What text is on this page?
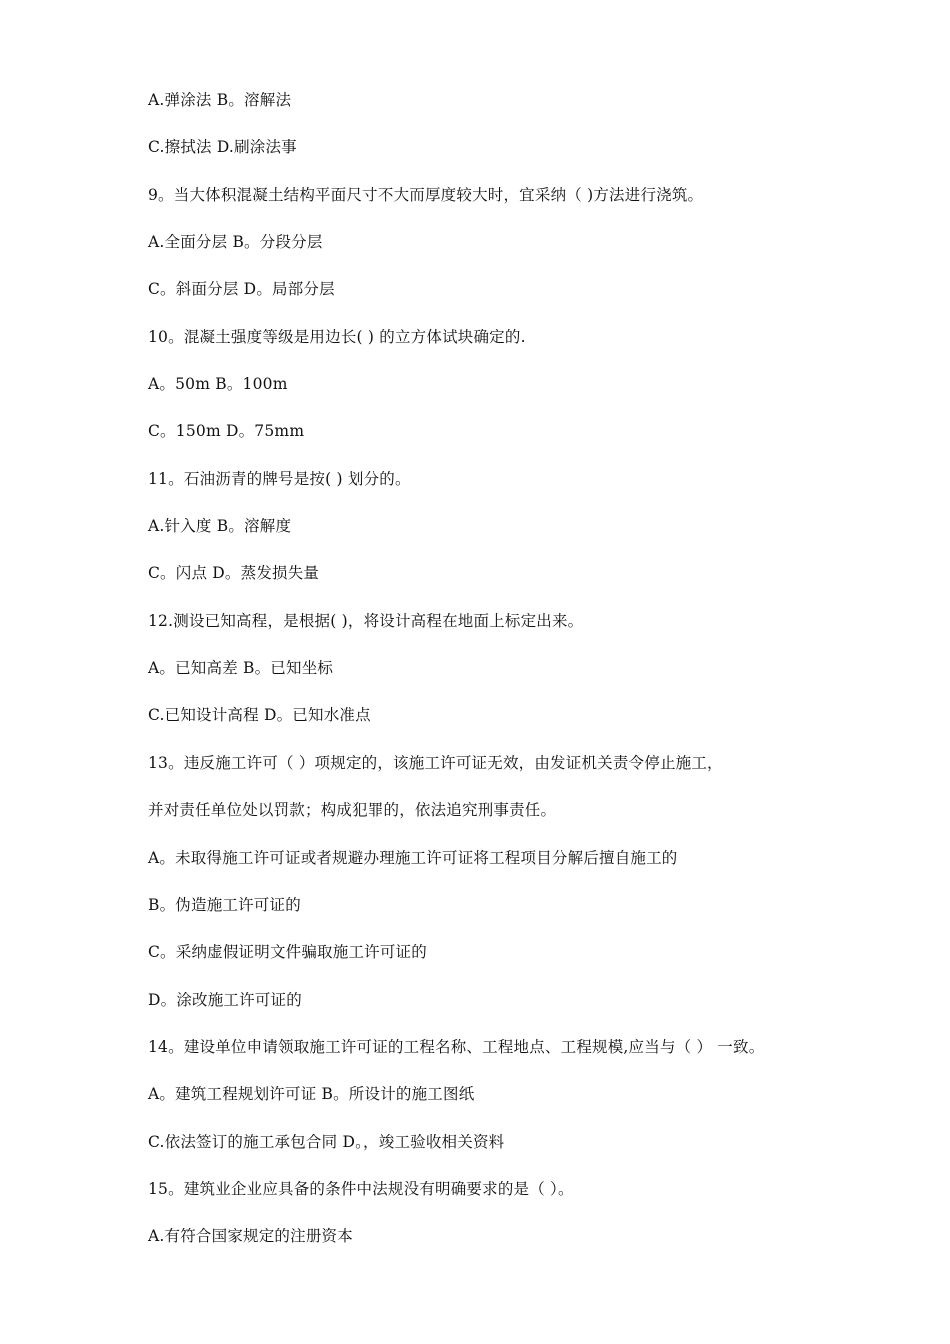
A.弹涂法 B。溶解法
C.擦拭法 D.刷涂法事
9。当大体积混凝土结构平面尺寸不大而厚度较大时，宜采纳（ )方法进行浇筑。
A.全面分层 B。分段分层
C。斜面分层 D。局部分层
10。混凝土强度等级是用边长( ) 的立方体试块确定的.
A。50m B。100m
C。150m D。75mm
11。石油沥青的牌号是按( ) 划分的。
A.针入度 B。溶解度
C。闪点 D。蒸发损失量
12.测设已知高程，是根据( )，将设计高程在地面上标定出来。
A。已知高差 B。已知坐标
C.已知设计高程 D。已知水准点
13。违反施工许可（ ）项规定的，该施工许可证无效，由发证机关责令停止施工，
并对责任单位处以罚款；构成犯罪的，依法追究刑事责任。
A。未取得施工许可证或者规避办理施工许可证将工程项目分解后擅自施工的
B。伪造施工许可证的
C。采纳虚假证明文件骗取施工许可证的
D。涂改施工许可证的
14。建设单位申请领取施工许可证的工程名称、工程地点、工程规模,应当与（ ） 一致。
A。建筑工程规划许可证 B。所设计的施工图纸
C.依法签订的施工承包合同 D。，竣工验收相关资料
15。建筑业企业应具备的条件中法规没有明确要求的是（ ）。
A.有符合国家规定的注册资本
